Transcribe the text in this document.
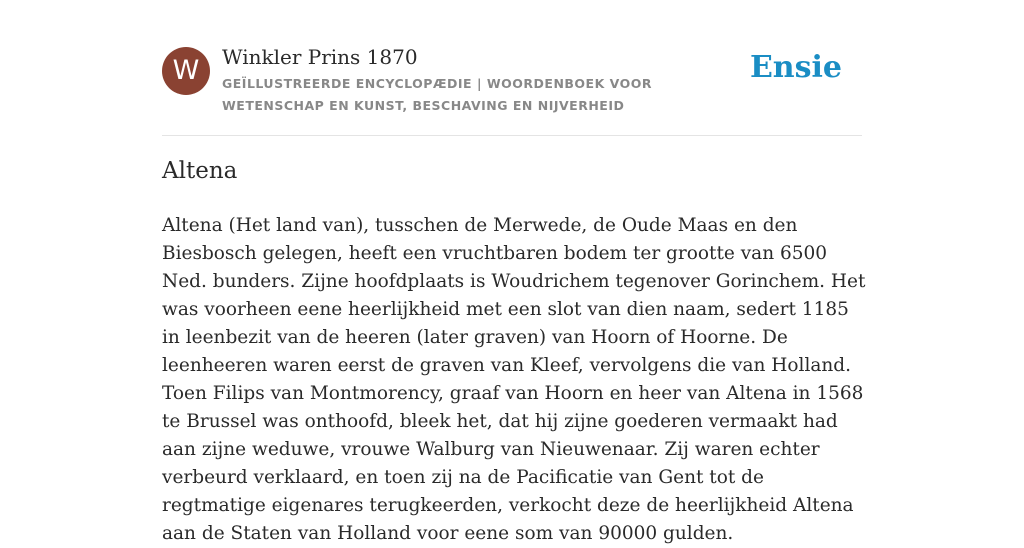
W	Winkler Prins 1870
GEÏLLUSTREERDE ENCYCLOPÆDIE | WOORDENBOEK VOOR WETENSCHAP EN KUNST, BESCHAVING EN NIJVERHEID
Ensie
Altena

Altena (Het land van), tusschen de Merwede, de Oude Maas en den Biesbosch gelegen, heeft een vruchtbaren bodem ter grootte van 6500 Ned. bunders. Zijne hoofdplaats is Woudrichem tegenover Gorinchem. Het was voorheen eene heerlijkheid met een slot van dien naam, sedert 1185 in leenbezit van de heeren (later graven) van Hoorn of Hoorne. De leenheeren waren eerst de graven van Kleef, vervolgens die van Holland. Toen Filips van Montmorency, graaf van Hoorn en heer van Altena in 1568 te Brussel was onthoofd, bleek het, dat hij zijne goederen vermaakt had aan zijne weduwe, vrouwe Walburg van Nieuwenaar. Zij waren echter verbeurd verklaard, en toen zij na de Pacificatie van Gent tot de regtmatige eigenares terugkeerden, verkocht deze de heerlijkheid Altena aan de Staten van Holland voor eene som van 90000 gulden.
